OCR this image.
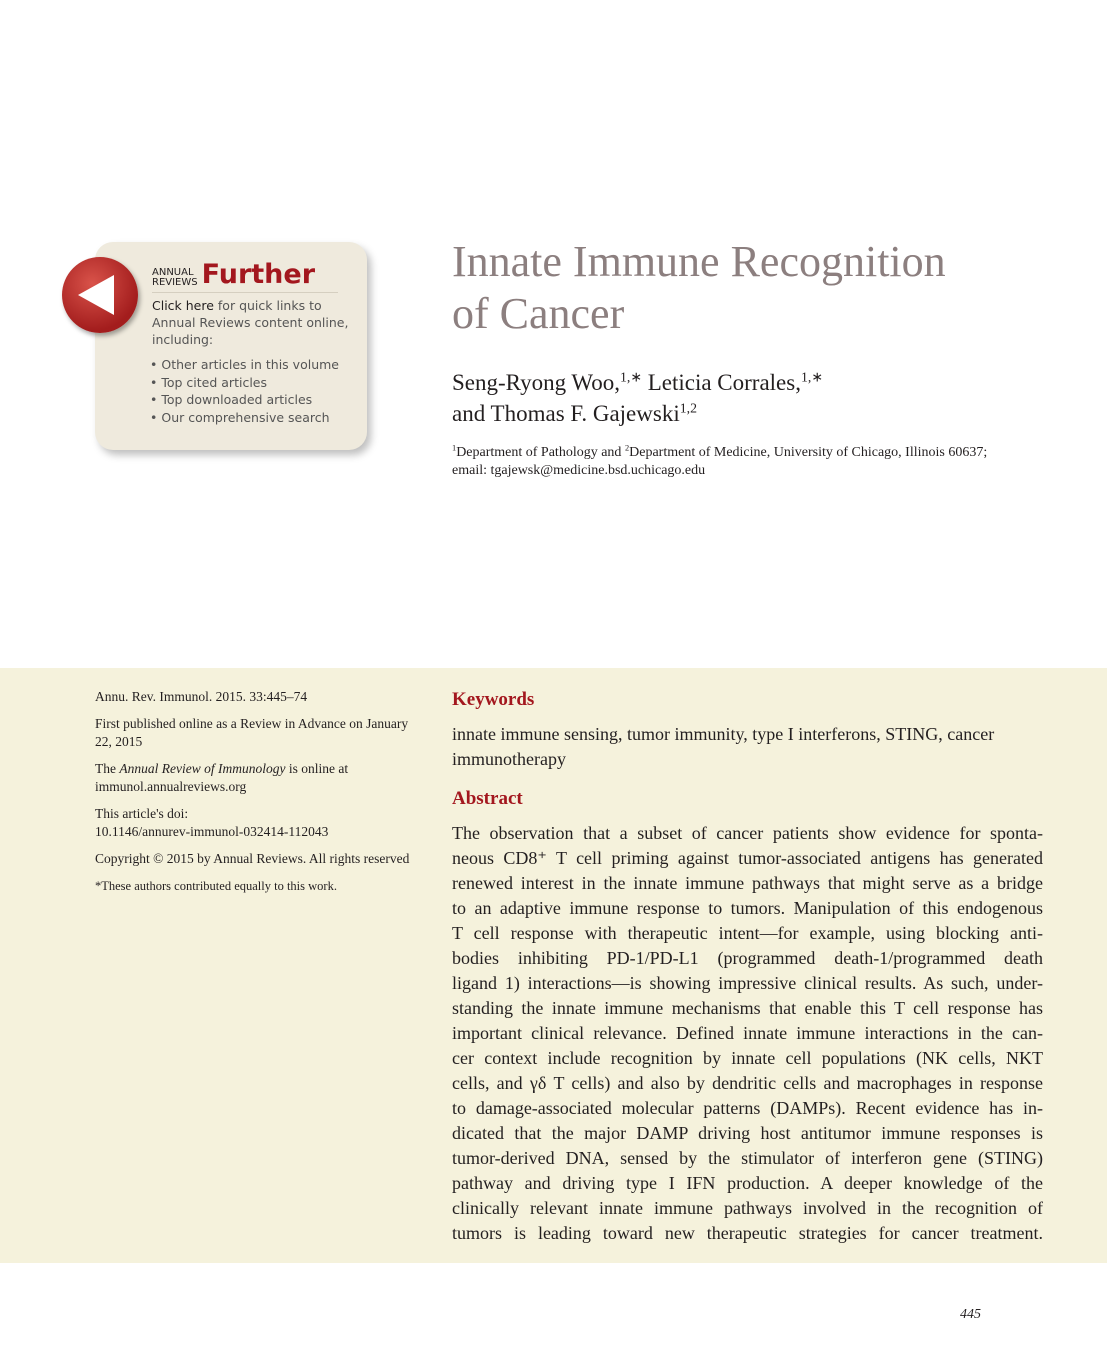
ANNUAL
REVIEWS Further
Click here for quick links to Annual Reviews content online, including:
• Other articles in this volume
• Top cited articles
• Top downloaded articles
• Our comprehensive search
Innate Immune Recognition
of Cancer
Seng-Ryong Woo,$^{1,∗}$ Leticia Corrales,$^{1,∗}$
and Thomas F. Gajewski$^{1,2}$
$^1$Department of Pathology and $^2$Department of Medicine, University of Chicago, Illinois 60637;
email: tgajewsk@medicine.bsd.uchicago.edu

Annu. Rev. Immunol. 2015. 33:445–74

First published online as a Review in Advance on January 22, 2015

The Annual Review of Immunology is online at immunol.annualreviews.org

This article's doi:
10.1146/annurev-immunol-032414-112043

Copyright © 2015 by Annual Reviews. All rights reserved

*These authors contributed equally to this work.

Keywords
innate immune sensing, tumor immunity, type I interferons, STING, cancer immunotherapy
Abstract
The observation that a subset of cancer patients show evidence for sponta-
neous CD8⁺ T cell priming against tumor-associated antigens has generated
renewed interest in the innate immune pathways that might serve as a bridge
to an adaptive immune response to tumors. Manipulation of this endogenous
T cell response with therapeutic intent—for example, using blocking anti-
bodies inhibiting PD-1/PD-L1 (programmed death-1/programmed death
ligand 1) interactions—is showing impressive clinical results. As such, under-
standing the innate immune mechanisms that enable this T cell response has
important clinical relevance. Defined innate immune interactions in the can-
cer context include recognition by innate cell populations (NK cells, NKT
cells, and γδ T cells) and also by dendritic cells and macrophages in response
to damage-associated molecular patterns (DAMPs). Recent evidence has in-
dicated that the major DAMP driving host antitumor immune responses is
tumor-derived DNA, sensed by the stimulator of interferon gene (STING)
pathway and driving type I IFN production. A deeper knowledge of the
clinically relevant innate immune pathways involved in the recognition of
tumors is leading toward new therapeutic strategies for cancer treatment.
445
